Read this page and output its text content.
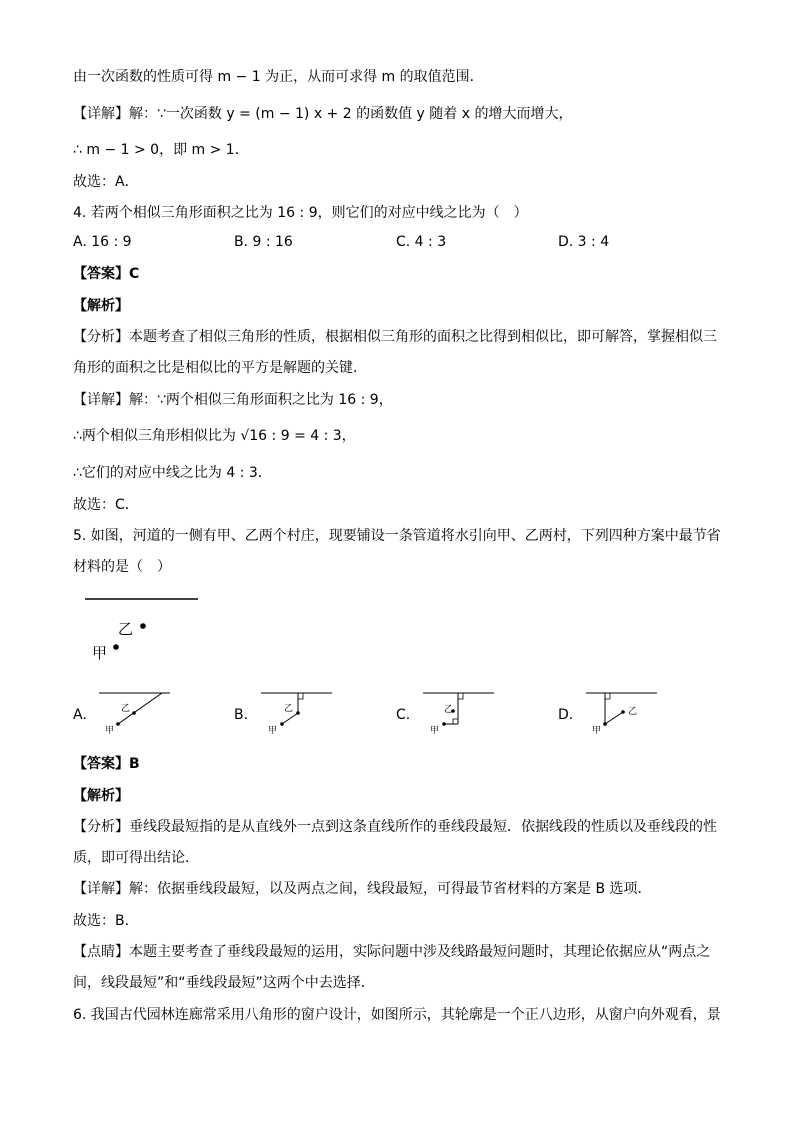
由一次函数的性质可得 m − 1 为正，从而可求得 m 的取值范围．
【详解】解：∵一次函数 y = (m − 1) x + 2 的函数值 y 随着 x 的增大而增大，
∴ m − 1 > 0，即 m > 1．
故选：A．
4. 若两个相似三角形面积之比为 16 : 9，则它们的对应中线之比为（　）
A. 16 : 9	B. 9 : 16	C. 4 : 3	D. 3 : 4
【答案】C
【解析】
【分析】本题考查了相似三角形的性质，根据相似三角形的面积之比得到相似比，即可解答，掌握相似三
角形的面积之比是相似比的平方是解题的关键．
【详解】解：∵两个相似三角形面积之比为 16 : 9，
∴两个相似三角形相似比为 √16 : 9 = 4 : 3，
∴它们的对应中线之比为 4 : 3．
故选：C．
5. 如图，河道的一侧有甲、乙两个村庄，现要铺设一条管道将水引向甲、乙两村，下列四种方案中最节省
材料的是（　）
乙
甲
A.	B.	C.	D.
乙
甲
乙
甲
乙
甲
乙
甲
【答案】B
【解析】
【分析】垂线段最短指的是从直线外一点到这条直线所作的垂线段最短．依据线段的性质以及垂线段的性
质，即可得出结论．
【详解】解：依据垂线段最短，以及两点之间，线段最短，可得最节省材料的方案是 B 选项．
故选：B．
【点睛】本题主要考查了垂线段最短的运用，实际问题中涉及线路最短问题时，其理论依据应从“两点之
间，线段最短”和“垂线段最短”这两个中去选择．
6. 我国古代园林连廊常采用八角形的窗户设计，如图所示，其轮廓是一个正八边形，从窗户向外观看，景
